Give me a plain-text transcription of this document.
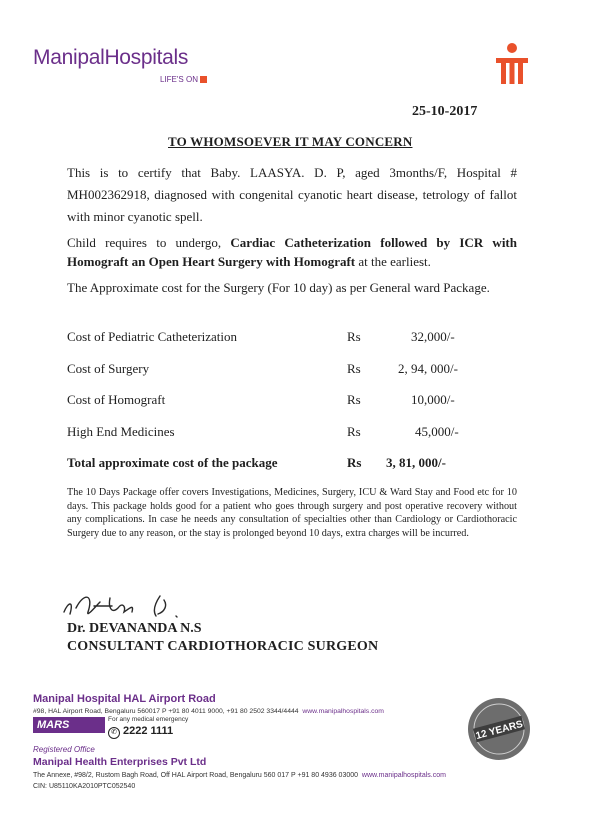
ManipalHospitals
LIFE'S ON
25-10-2017
TO WHOMSOEVER IT MAY CONCERN
This is to certify that Baby. LAASYA. D. P, aged 3months/F, Hospital # MH002362918, diagnosed with congenital cyanotic heart disease, tetrology of fallot with minor cyanotic spell.
Child requires to undergo, Cardiac Catheterization followed by ICR with Homograft an Open Heart Surgery with Homograft at the earliest.
The Approximate cost for the Surgery (For 10 day) as per General ward Package.
Cost of Pediatric Catheterization	Rs	32,000/-
Cost of Surgery	Rs	2, 94, 000/-
Cost of Homograft	Rs	10,000/-
High End Medicines	Rs	45,000/-
Total approximate cost of the package	Rs 3, 81, 000/-
The 10 Days Package offer covers Investigations, Medicines, Surgery, ICU & Ward Stay and Food etc for 10 days. This package holds good for a patient who goes through surgery and post operative recovery without any complications. In case he needs any consultation of specialties other than Cardiology or Cardiothoracic Surgery due to any reason, or the stay is prolonged beyond 10 days, extra charges will be incurred.
Dr. DEVANANDA N.S
CONSULTANT CARDIOTHORACIC SURGEON
Manipal Hospital HAL Airport Road
#98, HAL Airport Road, Bengaluru 560017 P +91 80 4011 9000, +91 80 2502 3344/4444 www.manipalhospitals.com
MARS	For any medical emergency
✆ 2222 1111
Registered Office
Manipal Health Enterprises Pvt Ltd
The Annexe, #98/2, Rustom Bagh Road, Off HAL Airport Road, Bengaluru 560 017 P +91 80 4936 03000 www.manipalhospitals.com
CIN: U85110KA2010PTC052540
12 YEARS
